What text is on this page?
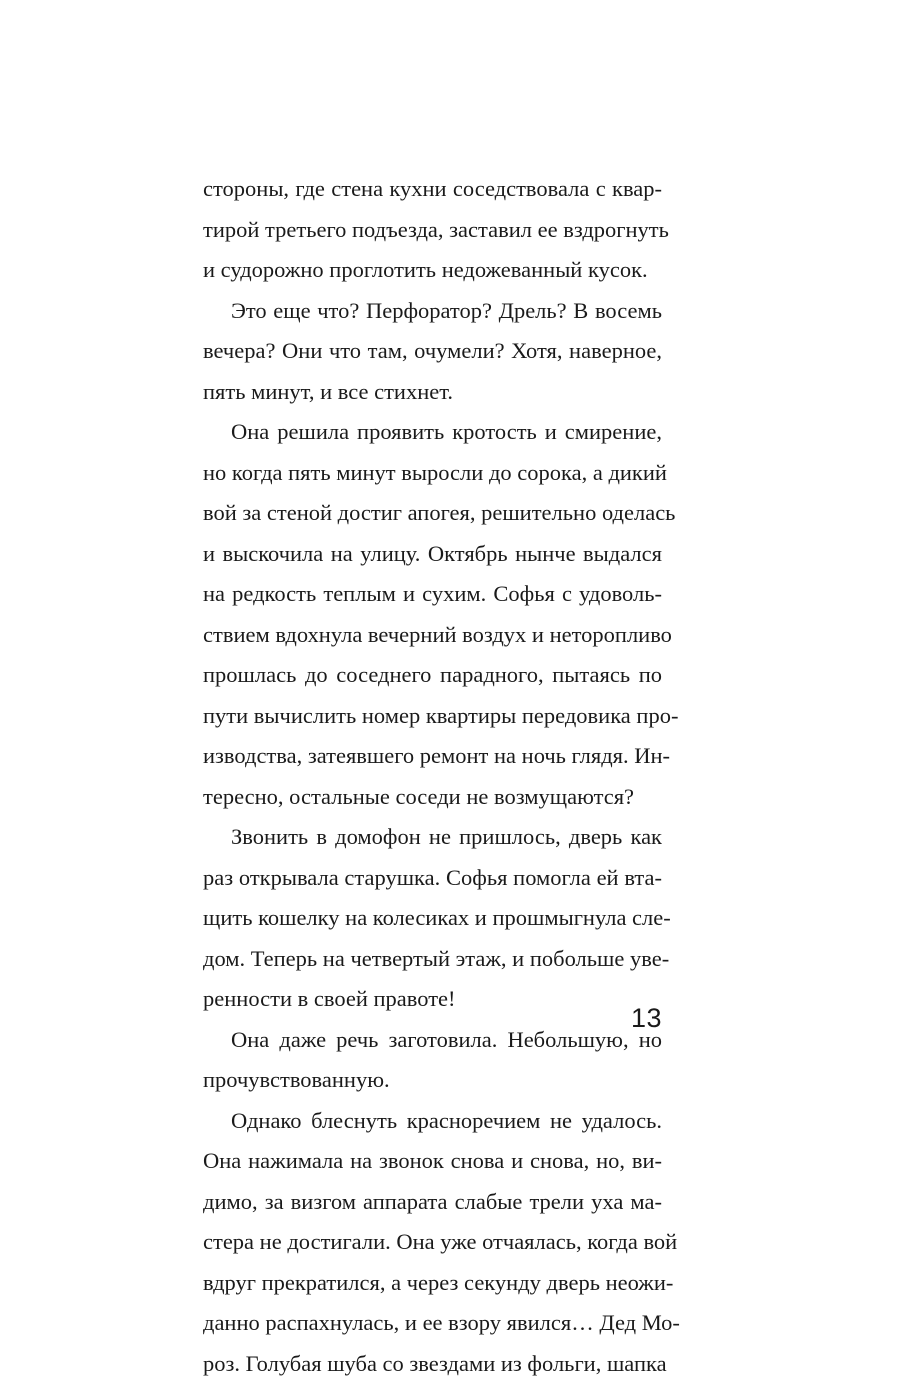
стороны, где стена кухни соседствовала с квар-
тирой третьего подъезда, заставил ее вздрогнуть
и судорожно проглотить недожеванный кусок.
Это еще что? Перфоратор? Дрель? В восемь
вечера? Они что там, очумели? Хотя, наверное,
пять минут, и все стихнет.
Она решила проявить кротость и смирение,
но когда пять минут выросли до сорока, а дикий
вой за стеной достиг апогея, решительно оделась
и выскочила на улицу. Октябрь нынче выдался
на редкость теплым и сухим. Софья с удоволь-
ствием вдохнула вечерний воздух и неторопливо
прошлась до соседнего парадного, пытаясь по
пути вычислить номер квартиры передовика про-
изводства, затеявшего ремонт на ночь глядя. Ин-
тересно, остальные соседи не возмущаются?
Звонить в домофон не пришлось, дверь как
раз открывала старушка. Софья помогла ей вта-
щить кошелку на колесиках и прошмыгнула сле-
дом. Теперь на четвертый этаж, и побольше уве-
ренности в своей правоте!
Она даже речь заготовила. Небольшую, но
прочувствованную.
Однако блеснуть красноречием не удалось.
Она нажимала на звонок снова и снова, но, ви-
димо, за визгом аппарата слабые трели уха ма-
стера не достигали. Она уже отчаялась, когда вой
вдруг прекратился, а через секунду дверь неожи-
данно распахнулась, и ее взору явился… Дед Мо-
роз. Голубая шуба со звездами из фольги, шапка
13
